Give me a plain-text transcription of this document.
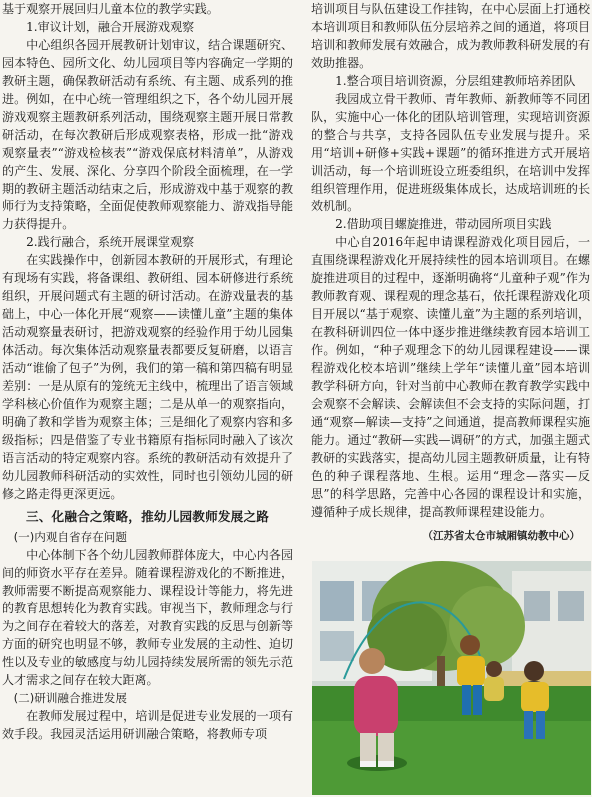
基于观察开展回归儿童本位的教学实践。

1.审议计划，融合开展游戏观察

中心组织各园开展教研计划审议，结合课题研究、园本特色、园所文化、幼儿园项目等内容确定一学期的教研主题，确保教研活动有系统、有主题、成系列的推进。例如，在中心统一管理组织之下，各个幼儿园开展游戏观察主题教研系列活动，围绕观察主题开展日常教研活动，在每次教研后形成观察表格，形成一批“游戏观察量表”“游戏检核表”“游戏保底材料清单”，从游戏的产生、发展、深化、分享四个阶段全面梳理，在一学期的教研主题活动结束之后，形成游戏中基于观察的教师行为支持策略，全面促使教师观察能力、游戏指导能力获得提升。

2.践行融合，系统开展课堂观察

在实践操作中，创新园本教研的开展形式，有理论有现场有实践，将备课组、教研组、园本研修进行系统组织，开展问题式有主题的研讨活动。在游戏量表的基础上，中心一体化开展“观察——读懂儿童”主题的集体活动观察量表研讨，把游戏观察的经验作用于幼儿园集体活动。每次集体活动观察量表都要反复研磨，以语言活动“谁偷了包子”为例，我们的第一稿和第四稿有明显差别：一是从原有的笼统无主线中，梳理出了语言领域学科核心价值作为观察主题；二是从单一的观察指向，明确了教和学皆为观察主体；三是细化了观察内容和多级指标；四是借鉴了专业书籍原有指标同时融入了该次语言活动的特定观察内容。系统的教研活动有效提升了幼儿园教师科研活动的实效性，同时也引领幼儿园的研修之路走得更深更远。

三、化融合之策略，推幼儿园教师发展之路

(一)内观自省存在问题

中心体制下各个幼儿园教师群体庞大，中心内各园间的师资水平存在差异。随着课程游戏化的不断推进，教师需要不断提高观察能力、课程设计等能力，将先进的教育思想转化为教育实践。审视当下，教师理念与行为之间存在着较大的落差，对教育实践的反思与创新等方面的研究也明显不够，教师专业发展的主动性、迫切性以及专业的敏感度与幼儿园持续发展所需的领先示范人才需求之间存在较大距离。

(二)研训融合推进发展

在教师发展过程中，培训是促进专业发展的一项有效手段。我园灵活运用研训融合策略，将教师专项

培训项目与队伍建设工作挂钩，在中心层面上打通校本培训项目和教师队伍分层培养之间的通道，将项目培训和教师发展有效融合，成为教师教科研发展的有效助推器。

1.整合项目培训资源，分层组建教师培养团队

我园成立骨干教师、青年教师、新教师等不同团队，实施中心一体化的团队培训管理，实现培训资源的整合与共享，支持各园队伍专业发展与提升。采用“培训+研修+实践+课题”的循环推进方式开展培训活动，每一个培训班设立班委组织，在培训中发挥组织管理作用，促进班级集体成长，达成培训班的长效机制。

2.借助项目螺旋推进，带动园所项目实践

中心自2016年起申请课程游戏化项目园后，一直围绕课程游戏化开展持续性的园本培训项目。在螺旋推进项目的过程中，逐渐明确将“儿童种子观”作为教师教育观、课程观的理念基石，依托课程游戏化项目开展以“基于观察、读懂儿童”为主题的系列培训，在教科研训四位一体中逐步推进继续教育园本培训工作。例如，“种子观理念下的幼儿园课程建设——课程游戏化校本培训”继续上学年“读懂儿童”园本培训教学科研方向，针对当前中心教师在教育教学实践中会观察不会解读、会解读但不会支持的实际问题，打通“观察—解读—支持”之间通道，提高教师课程实施能力。通过“教研—实践—调研”的方式，加强主题式教研的实践落实，提高幼儿园主题教研质量，让有特色的种子课程落地、生根。运用“理念—落实—反思”的科学思路，完善中心各园的课程设计和实施，遵循种子成长规律，提高教师课程建设能力。

（江苏省太仓市城厢镇幼教中心）
